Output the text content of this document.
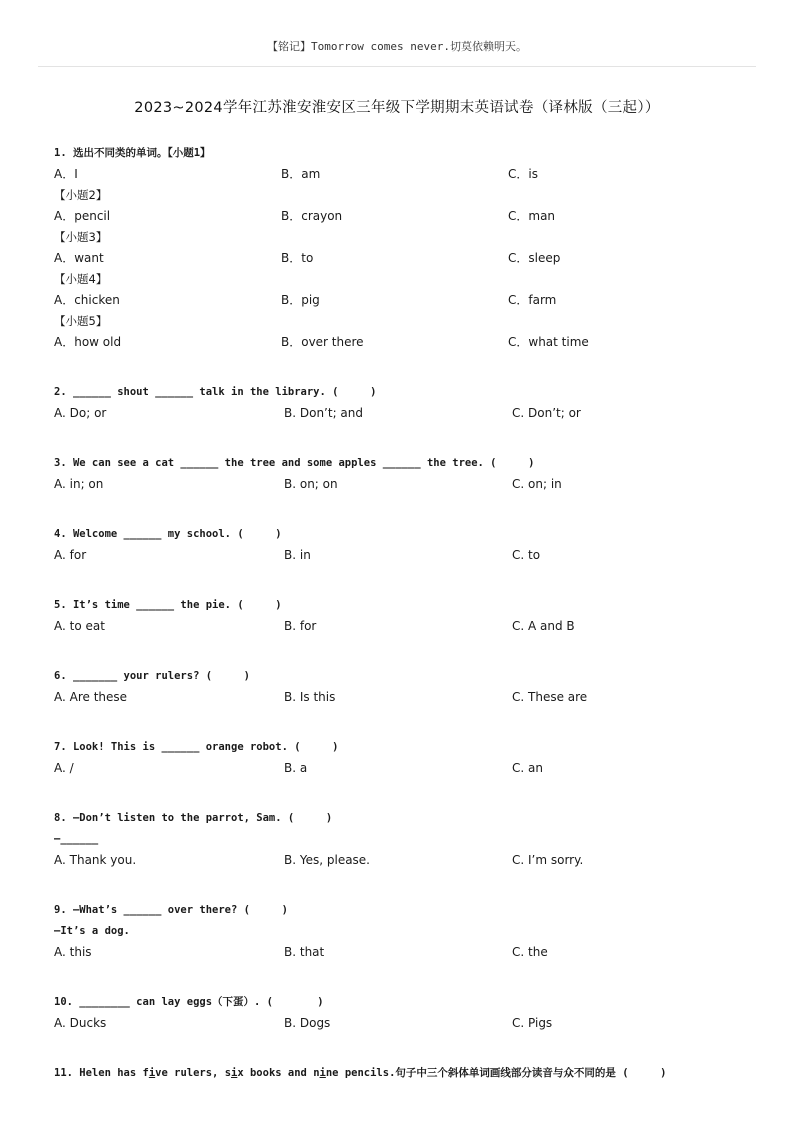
【铭记】Tomorrow comes never.切莫依赖明天。
2023~2024学年江苏淮安淮安区三年级下学期期末英语试卷（译林版（三起））
1. 选出不同类的单词。【小题1】
A．I	B．am	C．is
【小题2】
A．pencil	B．crayon	C．man
【小题3】
A．want	B．to	C．sleep
【小题4】
A．chicken	B．pig	C．farm
【小题5】
A．how old	B．over there	C．what time
2. ______ shout ______ talk in the library. (     )
A. Do; or	B. Don’t; and	C. Don’t; or
3. We can see a cat ______ the tree and some apples ______ the tree. (     )
A. in; on	B. on; on	C. on; in
4. Welcome ______ my school. (     )
A. for	B. in	C. to
5. It’s time ______ the pie. (     )
A. to eat	B. for	C. A and B
6. _______ your rulers? (     )
A. Are these	B. Is this	C. These are
7. Look! This is ______ orange robot. (     )
A. /	B. a	C. an
8. —Don’t listen to the parrot, Sam. (     )
—______
A. Thank you.	B. Yes, please.	C. I’m sorry.
9. —What’s ______ over there? (     )
—It’s a dog.
A. this	B. that	C. the
10. ________ can lay eggs（下蛋）. (       )
A. Ducks	B. Dogs	C. Pigs
11. Helen has five rulers, six books and nine pencils.句子中三个斜体单词画线部分读音与众不同的是 (     )
